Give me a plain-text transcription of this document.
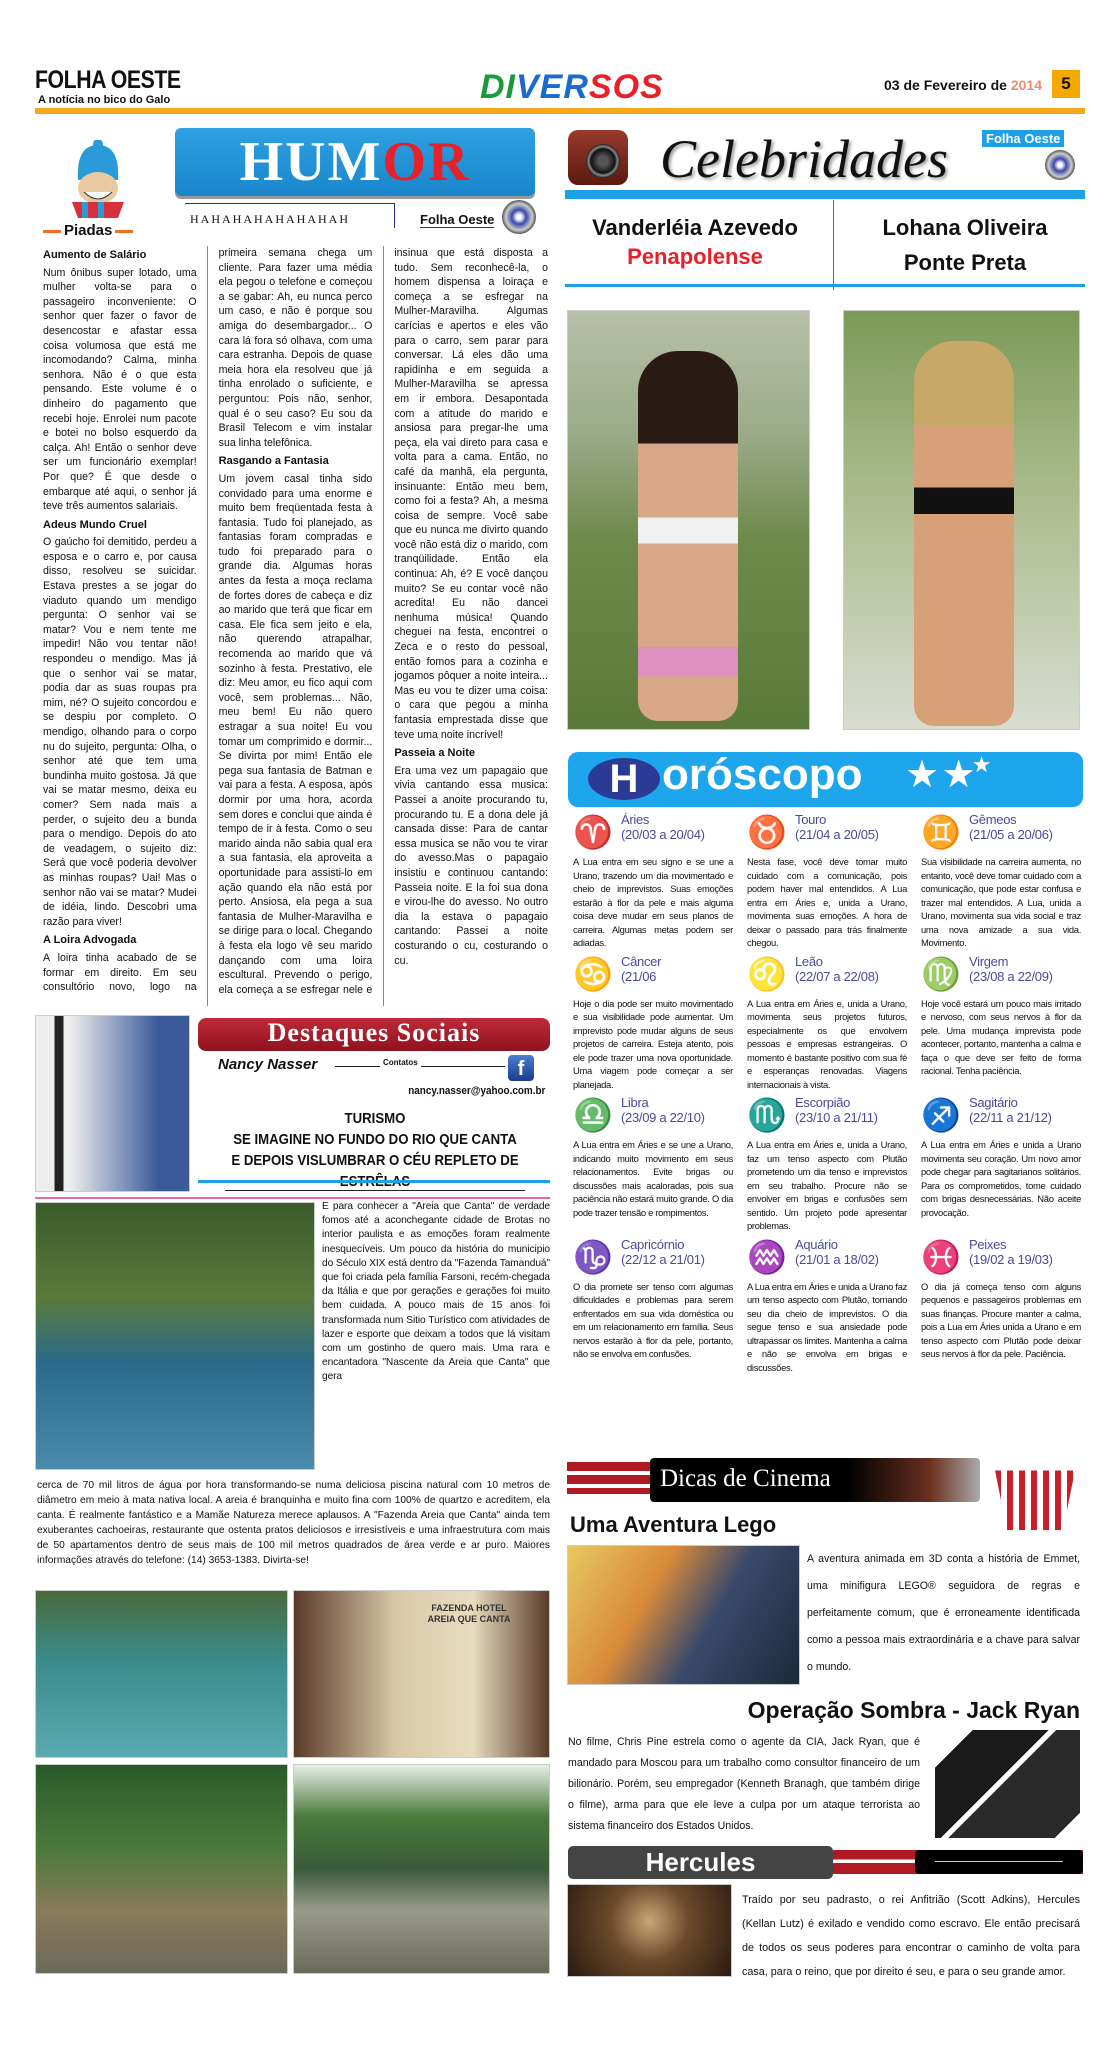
FOLHA OESTE
A notícia no bico do Galo	DIVERSOS	03 de Fevereiro de 2014	5
Piadas
HUMOR
HAHAHAHAHAHAHAH	Folha Oeste
Aumento de Salário

Num ônibus super lotado, uma mulher volta-se para o passageiro inconveniente: O senhor quer fazer o favor de desencostar e afastar essa coisa volumosa que está me incomodando? Calma, minha senhora. Não é o que esta pensando. Este volume é o dinheiro do pagamento que recebi hoje. Enrolei num pacote e botei no bolso esquerdo da calça. Ah! Então o senhor deve ser um funcionário exemplar! Por que? É que desde o embarque até aqui, o senhor já teve três aumentos salariais.

Adeus Mundo Cruel

O gaúcho foi demitido, perdeu a esposa e o carro e, por causa disso, resolveu se suicidar. Estava prestes a se jogar do viaduto quando um mendigo pergunta: O senhor vai se matar? Vou e nem tente me impedir! Não vou tentar não! respondeu o mendigo. Mas já que o senhor vai se matar, podia dar as suas roupas pra mim, né? O sujeito concordou e se despiu por completo. O mendigo, olhando para o corpo nu do sujeito, pergunta: Olha, o senhor até que tem uma bundinha muito gostosa. Já que vai se matar mesmo, deixa eu comer? Sem nada mais a perder, o sujeito deu a bunda para o mendigo. Depois do ato de veadagem, o sujeito diz: Será que você poderia devolver as minhas roupas? Uai! Mas o senhor não vai se matar? Mudei de idéia, lindo. Descobri uma razão para viver!

A Loira Advogada

A loira tinha acabado de se formar em direito. Em seu consultório novo, logo na primeira semana chega um cliente. Para fazer uma média ela pegou o telefone e começou a se gabar: Ah, eu nunca perco um caso, e não é porque sou amiga do desembargador... O cara lá fora só olhava, com uma cara estranha. Depois de quase meia hora ela resolveu que já tinha enrolado o suficiente, e perguntou: Pois não, senhor, qual é o seu caso? Eu sou da Brasil Telecom e vim instalar sua linha telefônica.

Rasgando a Fantasia

Um jovem casal tinha sido convidado para uma enorme e muito bem freqüentada festa à fantasia. Tudo foi planejado, as fantasias foram compradas e tudo foi preparado para o grande dia. Algumas horas antes da festa a moça reclama de fortes dores de cabeça e diz ao marido que terá que ficar em casa. Ele fica sem jeito e ela, não querendo atrapalhar, recomenda ao marido que vá sozinho à festa. Prestativo, ele diz: Meu amor, eu fico aqui com você, sem problemas... Não, meu bem! Eu não quero estragar a sua noite! Eu vou tomar um comprimido e dormir... Se divirta por mim! Então ele pega sua fantasia de Batman e vai para a festa. A esposa, após dormir por uma hora, acorda sem dores e conclui que ainda é tempo de ir à festa. Como o seu marido ainda não sabia qual era a sua fantasia, ela aproveita a oportunidade para assisti-lo em ação quando ela não está por perto. Ansiosa, ela pega a sua fantasia de Mulher-Maravilha e se dirige para o local. Chegando à festa ela logo vê seu marido dançando com uma loira escultural. Prevendo o perigo, ela começa a se esfregar nele e insinua que está disposta a tudo. Sem reconhecê-la, o homem dispensa a loiraça e começa a se esfregar na Mulher-Maravilha. Algumas carícias e apertos e eles vão para o carro, sem parar para conversar. Lá eles dão uma rapidinha e em seguida a Mulher-Maravilha se apressa em ir embora. Desapontada com a atitude do marido e ansiosa para pregar-lhe uma peça, ela vai direto para casa e volta para a cama. Então, no café da manhã, ela pergunta, insinuante: Então meu bem, como foi a festa? Ah, a mesma coisa de sempre. Você sabe que eu nunca me divirto quando você não está diz o marido, com tranqüilidade. Então ela continua: Ah, é? E você dançou muito? Se eu contar você não acredita! Eu não dancei nenhuma música! Quando cheguei na festa, encontrei o Zeca e o resto do pessoal, então fomos para a cozinha e jogamos pôquer a noite inteira... Mas eu vou te dizer uma coisa: o cara que pegou a minha fantasia emprestada disse que teve uma noite incrível!

Passeia a Noite

Era uma vez um papagaio que vivia cantando essa musica: Passei a anoite procurando tu, procurando tu. E a dona dele já cansada disse: Para de cantar essa musica se não vou te virar do avesso.Mas o papagaio insistiu e continuou cantando: Passeia noite. E la foi sua dona e virou-lhe do avesso. No outro dia la estava o papagaio cantando: Passei a noite costurando o cu, costurando o cu.

Celebridades	Folha Oeste
Vanderléia Azevedo
Penapolense
Lohana Oliveira
Ponte Preta
H oróscopo ★ ★★
♈ Áries
(20/03 a 20/04)
A Lua entra em seu signo e se une a Urano, trazendo um dia movimentado e cheio de imprevistos. Suas emoções estarão à flor da pele e mais alguma coisa deve mudar em seus planos de carreira. Algumas metas podem ser adiadas.
♉ Touro
(21/04 a 20/05)
Nesta fase, você deve tomar muito cuidado com a comunicação, pois podem haver mal entendidos. A Lua entra em Áries e, unida a Urano, movimenta suas emoções. A hora de deixar o passado para trás finalmente chegou.
♊ Gêmeos
(21/05 a 20/06)
Sua visibilidade na carreira aumenta, no entanto, você deve tomar cuidado com a comunicação, que pode estar confusa e trazer mal entendidos. A Lua, unida a Urano, movimenta sua vida social e traz uma nova amizade a sua vida. Movimento.
♋ Câncer
(21/06
Hoje o dia pode ser muito movimentado e sua visibilidade pode aumentar. Um imprevisto pode mudar alguns de seus projetos de carreira. Esteja atento, pois ele pode trazer uma nova oportunidade. Uma viagem pode começar a ser planejada.
♌ Leão
(22/07 a 22/08)
A Lua entra em Áries e, unida a Urano, movimenta seus projetos futuros, especialmente os que envolvem pessoas e empresas estrangeiras. O momento é bastante positivo com sua fé e esperanças renovadas. Viagens internacionais à vista.
♍ Virgem
(23/08 a 22/09)
Hoje você estará um pouco mais irritado e nervoso, com seus nervos à flor da pele. Uma mudança imprevista pode acontecer, portanto, mantenha a calma e faça o que deve ser feito de forma racional. Tenha paciência.
♎ Libra
(23/09 a 22/10)
A Lua entra em Áries e se une a Urano, indicando muito movimento em seus relacionamentos. Evite brigas ou discussões mais acaloradas, pois sua paciência não estará muito grande. O dia pode trazer tensão e rompimentos.
♏ Escorpião
(23/10 a 21/11)
A Lua entra em Áries e, unida a Urano, faz um tenso aspecto com Plutão prometendo um dia tenso e imprevistos em seu trabalho. Procure não se envolver em brigas e confusões sem sentido. Um projeto pode apresentar problemas.
♐ Sagitário
(22/11 a 21/12)
A Lua entra em Áries e unida a Urano movimenta seu coração. Um novo amor pode chegar para sagitarianos solitários. Para os comprometidos, tome cuidado com brigas desnecessárias. Não aceite provocação.
♑ Capricórnio
(22/12 a 21/01)
O dia promete ser tenso com algumas dificuldades e problemas para serem enfrentados em sua vida doméstica ou em um relacionamento em família. Seus nervos estarão à flor da pele, portanto, não se envolva em confusões.
♒ Aquário
(21/01 a 18/02)
A Lua entra em Áries e unida a Urano faz um tenso aspecto com Plutão, tornando seu dia cheio de imprevistos. O dia segue tenso e sua ansiedade pode ultrapassar os limites. Mantenha a calma e não se envolva em brigas e discussões.
♓ Peixes
(19/02 a 19/03)
O dia já começa tenso com alguns pequenos e passageiros problemas em suas finanças. Procure manter a calma, pois a Lua em Áries unida a Urano e em tenso aspecto com Plutão pode deixar seus nervos à flor da pele. Paciência.
Destaques Sociais
Nancy Nasser	Contatos	f
nancy.nasser@yahoo.com.br
TURISMO
SE IMAGINE NO FUNDO DO RIO QUE CANTA
E DEPOIS VISLUMBRAR O CÉU REPLETO DE
E para conhecer a "Areia que Canta" de verdade fomos até a aconchegante cidade de Brotas no interior paulista e as emoções foram realmente inesquecíveis. Um pouco da história do municipio do Século XIX está dentro da "Fazenda Tamanduá" que foi criada pela família Farsoni, recém-chegada da Itália e que por gerações e gerações foi muito bem cuidada. A pouco mais de 15 anos foi transformada num Sitio Turístico com atividades de lazer e esporte que deixam a todos que lá visitam com um gostinho de quero mais. Uma rara e encantadora "Nascente da Areia que Canta" que gera
cerca de 70 mil litros de água por hora transformando-se numa deliciosa piscina natural com 10 metros de diâmetro em meio à mata nativa local. A areia é branquinha e muito fina com 100% de quartzo e acreditem, ela canta. É realmente fantástico e a Mamãe Natureza merece aplausos. A "Fazenda Areia que Canta" ainda tem exuberantes cachoeiras, restaurante que ostenta pratos deliciosos e irresistíveis e uma infraestrutura com mais de 50 apartamentos dentro de seus mais de 100 mil metros quadrados de área verde e ar puro. Maiores informações através do telefone: (14) 3653-1383. Divirta-se!
FAZENDA HOTEL AREIA QUE CANTA
Dicas de Cinema
Uma Aventura Lego
A aventura animada em 3D conta a história de Emmet, uma minifigura LEGO® seguidora de regras e perfeitamente comum, que é erroneamente identificada como a pessoa mais extraordinária e a chave para salvar o mundo.
Operação Sombra - Jack Ryan
No filme, Chris Pine estrela como o agente da CIA, Jack Ryan, que é mandado para Moscou para um trabalho como consultor financeiro de um bilionário. Porém, seu empregador (Kenneth Branagh, que também dirige o filme), arma para que ele leve a culpa por um ataque terrorista ao sistema financeiro dos Estados Unidos.
Hercules
Traído por seu padrasto, o rei Anfitrião (Scott Adkins), Hercules (Kellan Lutz) é exilado e vendido como escravo. Ele então precisará de todos os seus poderes para encontrar o caminho de volta para casa, para o reino, que por direito é seu, e para o seu grande amor.
